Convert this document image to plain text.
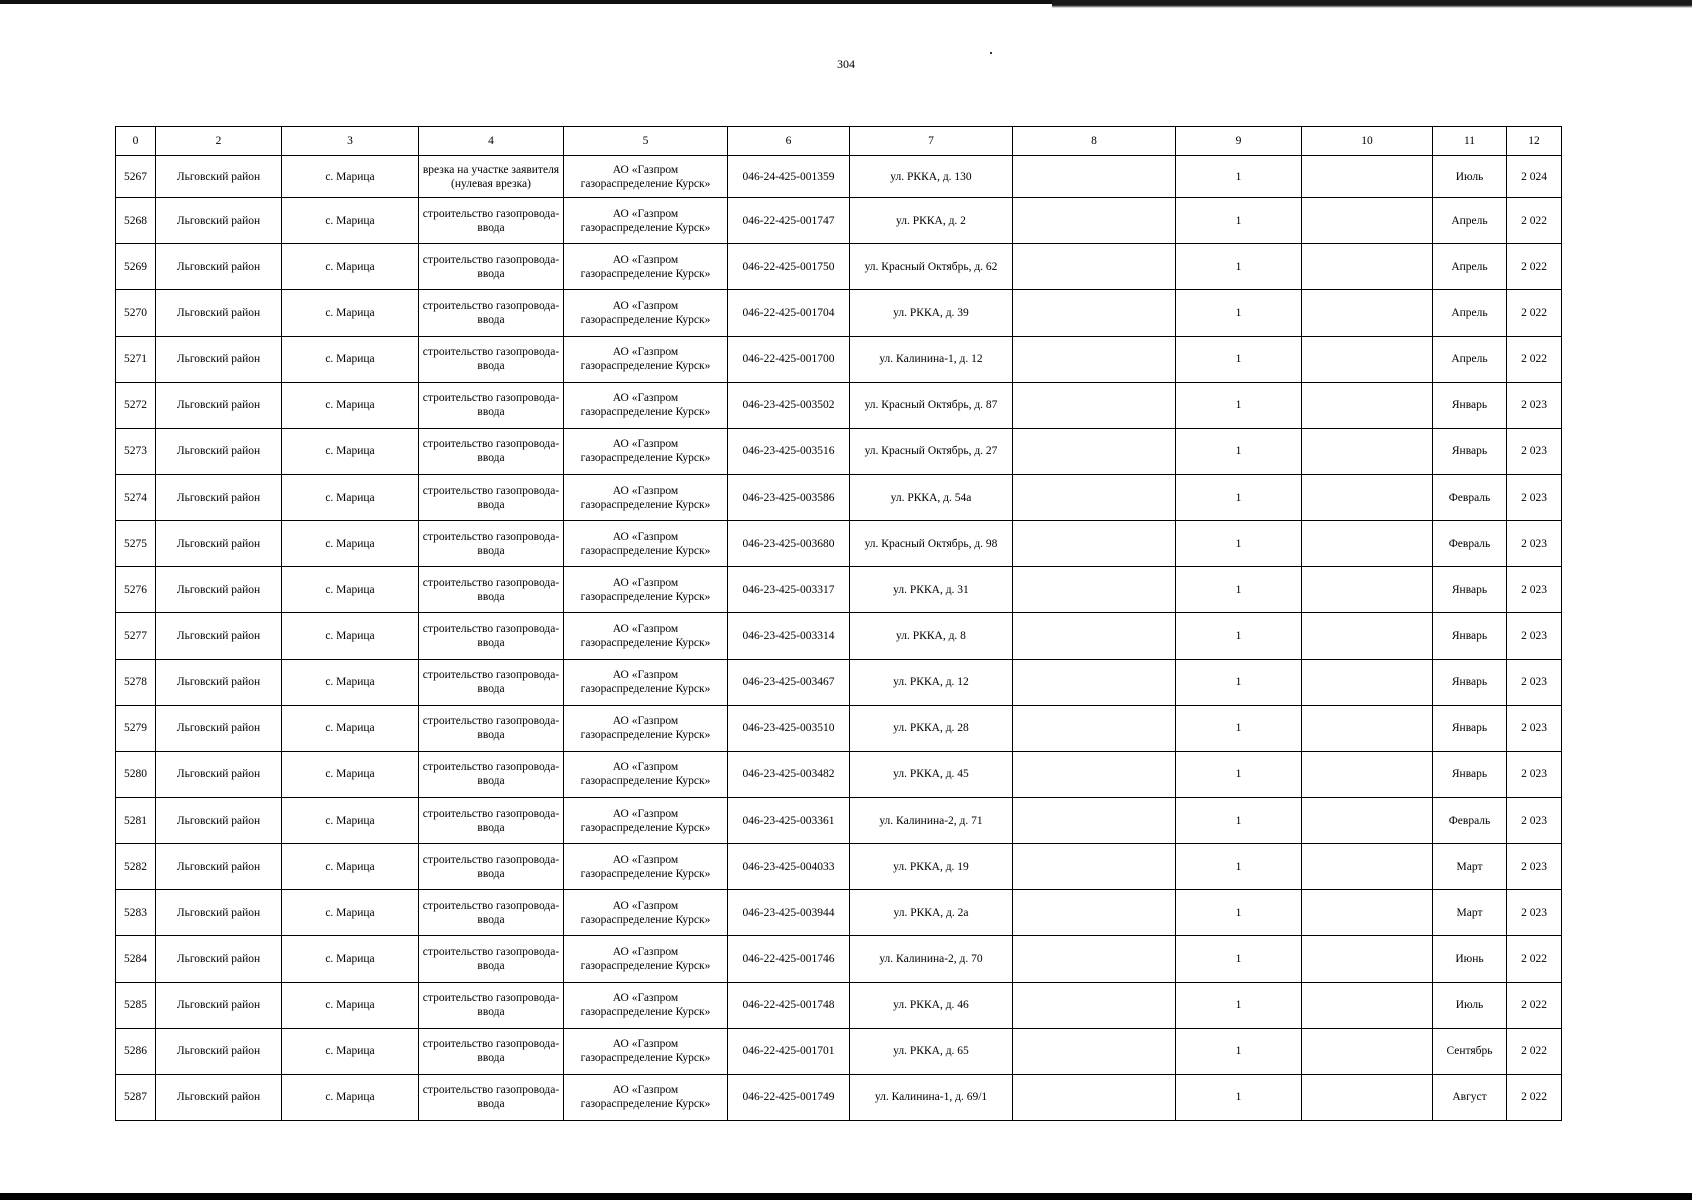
304
0	2	3	4	5	6	7	8	9	10	11	12
5267	Льговский район	с. Марица	врезка на участке заявителя (нулевая врезка)	АО «Газпром газораспределение Курск»	046-24-425-001359	ул. РККА, д. 130		1		Июль	2 024
5268	Льговский район	с. Марица	строительство газопровода-ввода	АО «Газпром газораспределение Курск»	046-22-425-001747	ул. РККА, д. 2		1		Апрель	2 022
5269	Льговский район	с. Марица	строительство газопровода-ввода	АО «Газпром газораспределение Курск»	046-22-425-001750	ул. Красный Октябрь, д. 62		1		Апрель	2 022
5270	Льговский район	с. Марица	строительство газопровода-ввода	АО «Газпром газораспределение Курск»	046-22-425-001704	ул. РККА, д. 39		1		Апрель	2 022
5271	Льговский район	с. Марица	строительство газопровода-ввода	АО «Газпром газораспределение Курск»	046-22-425-001700	ул. Калинина-1, д. 12		1		Апрель	2 022
5272	Льговский район	с. Марица	строительство газопровода-ввода	АО «Газпром газораспределение Курск»	046-23-425-003502	ул. Красный Октябрь, д. 87		1		Январь	2 023
5273	Льговский район	с. Марица	строительство газопровода-ввода	АО «Газпром газораспределение Курск»	046-23-425-003516	ул. Красный Октябрь, д. 27		1		Январь	2 023
5274	Льговский район	с. Марица	строительство газопровода-ввода	АО «Газпром газораспределение Курск»	046-23-425-003586	ул. РККА, д. 54а		1		Февраль	2 023
5275	Льговский район	с. Марица	строительство газопровода-ввода	АО «Газпром газораспределение Курск»	046-23-425-003680	ул. Красный Октябрь, д. 98		1		Февраль	2 023
5276	Льговский район	с. Марица	строительство газопровода-ввода	АО «Газпром газораспределение Курск»	046-23-425-003317	ул. РККА, д. 31		1		Январь	2 023
5277	Льговский район	с. Марица	строительство газопровода-ввода	АО «Газпром газораспределение Курск»	046-23-425-003314	ул. РККА, д. 8		1		Январь	2 023
5278	Льговский район	с. Марица	строительство газопровода-ввода	АО «Газпром газораспределение Курск»	046-23-425-003467	ул. РККА, д. 12		1		Январь	2 023
5279	Льговский район	с. Марица	строительство газопровода-ввода	АО «Газпром газораспределение Курск»	046-23-425-003510	ул. РККА, д. 28		1		Январь	2 023
5280	Льговский район	с. Марица	строительство газопровода-ввода	АО «Газпром газораспределение Курск»	046-23-425-003482	ул. РККА, д. 45		1		Январь	2 023
5281	Льговский район	с. Марица	строительство газопровода-ввода	АО «Газпром газораспределение Курск»	046-23-425-003361	ул. Калинина-2, д. 71		1		Февраль	2 023
5282	Льговский район	с. Марица	строительство газопровода-ввода	АО «Газпром газораспределение Курск»	046-23-425-004033	ул. РККА, д. 19		1		Март	2 023
5283	Льговский район	с. Марица	строительство газопровода-ввода	АО «Газпром газораспределение Курск»	046-23-425-003944	ул. РККА, д. 2а		1		Март	2 023
5284	Льговский район	с. Марица	строительство газопровода-ввода	АО «Газпром газораспределение Курск»	046-22-425-001746	ул. Калинина-2, д. 70		1		Июнь	2 022
5285	Льговский район	с. Марица	строительство газопровода-ввода	АО «Газпром газораспределение Курск»	046-22-425-001748	ул. РККА, д. 46		1		Июль	2 022
5286	Льговский район	с. Марица	строительство газопровода-ввода	АО «Газпром газораспределение Курск»	046-22-425-001701	ул. РККА, д. 65		1		Сентябрь	2 022
5287	Льговский район	с. Марица	строительство газопровода-ввода	АО «Газпром газораспределение Курск»	046-22-425-001749	ул. Калинина-1, д. 69/1		1		Август	2 022
